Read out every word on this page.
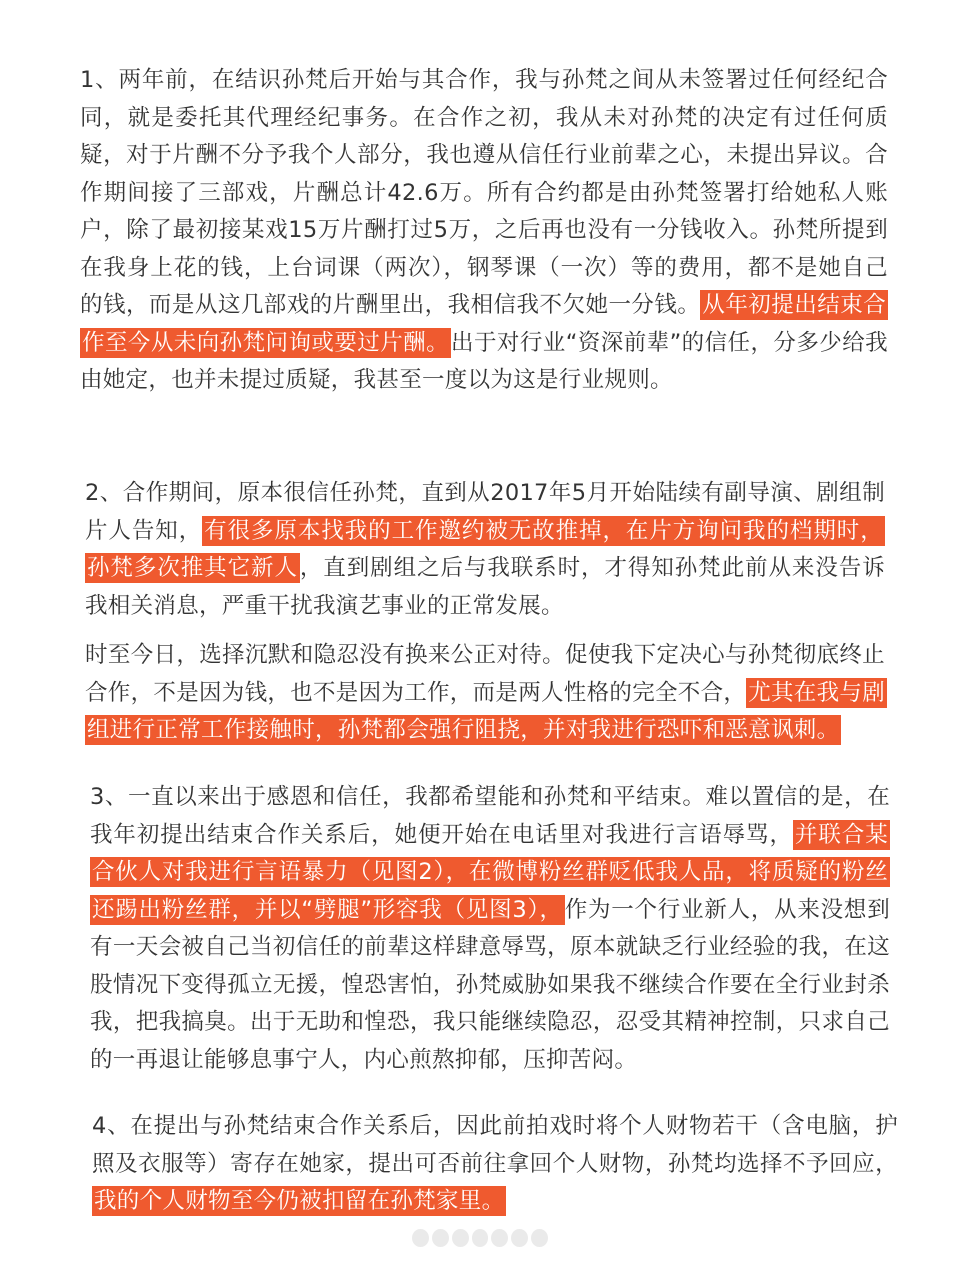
1、两年前，在结识孙梵后开始与其合作，我与孙梵之间从未签署过任何经纪合同，就是委托其代理经纪事务。在合作之初，我从未对孙梵的决定有过任何质疑，对于片酬不分予我个人部分，我也遵从信任行业前辈之心，未提出异议。合作期间接了三部戏，片酬总计42.6万。所有合约都是由孙梵签署打给她私人账户，除了最初接某戏15万片酬打过5万，之后再也没有一分钱收入。孙梵所提到在我身上花的钱，上台词课（两次），钢琴课（一次）等的费用，都不是她自己的钱，而是从这几部戏的片酬里出，我相信我不欠她一分钱。从年初提出结束合作至今从未向孙梵问询或要过片酬。出于对行业“资深前辈”的信任，分多少给我由她定，也并未提过质疑，我甚至一度以为这是行业规则。
2、合作期间，原本很信任孙梵，直到从2017年5月开始陆续有副导演、剧组制片人告知，有很多原本找我的工作邀约被无故推掉，在片方询问我的档期时，孙梵多次推其它新人，直到剧组之后与我联系时，才得知孙梵此前从来没告诉我相关消息，严重干扰我演艺事业的正常发展。
时至今日，选择沉默和隐忍没有换来公正对待。促使我下定决心与孙梵彻底终止合作，不是因为钱，也不是因为工作，而是两人性格的完全不合，尤其在我与剧组进行正常工作接触时，孙梵都会强行阻挠，并对我进行恐吓和恶意讽刺。
3、一直以来出于感恩和信任，我都希望能和孙梵和平结束。难以置信的是，在我年初提出结束合作关系后，她便开始在电话里对我进行言语辱骂，并联合某合伙人对我进行言语暴力（见图2），在微博粉丝群贬低我人品，将质疑的粉丝还踢出粉丝群，并以“劈腿”形容我（见图3），作为一个行业新人，从来没想到有一天会被自己当初信任的前辈这样肆意辱骂，原本就缺乏行业经验的我，在这股情况下变得孤立无援，惶恐害怕，孙梵威胁如果我不继续合作要在全行业封杀我，把我搞臭。出于无助和惶恐，我只能继续隐忍，忍受其精神控制，只求自己的一再退让能够息事宁人，内心煎熬抑郁，压抑苦闷。
4、在提出与孙梵结束合作关系后，因此前拍戏时将个人财物若干（含电脑，护照及衣服等）寄存在她家，提出可否前往拿回个人财物，孙梵均选择不予回应，我的个人财物至今仍被扣留在孙梵家里。
